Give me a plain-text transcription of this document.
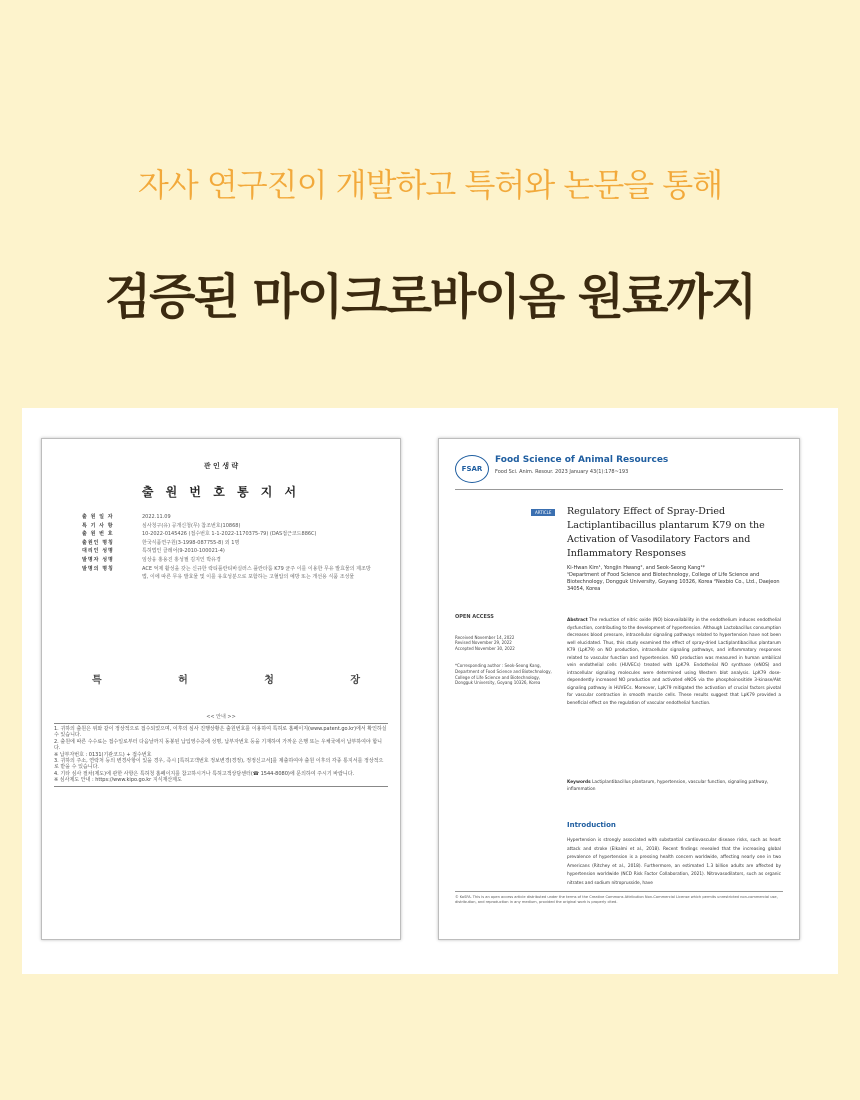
자사 연구진이 개발하고 특허와 논문을 통해
검증된 마이크로바이옴 원료까지
관 인 생 략
출 원 번 호 통 지 서
출 원 일 자	2022.11.09
특 기 사 항	심사청구(유) 공개신청(무) 참조번호(10868)
출 원 번 호	10-2022-0145426 (접수번호 1-1-2022-1170375-79) (DAS접근코드886C)
출원인 명칭	한국식품연구원(3-1998-087755-8) 외 1명
대리인 성명	특허법인 클레어(9-2010-100021-4)
발명자 성명	임상웅 홍용진 홍성필 김지인 박유경
발명의 명칭	ACE 억제 활성을 갖는 신규한 락티플란티바실러스 플란타룸 K79 균주 이를 이용한 무유 발효물의 제조방법, 이에 따른 무유 발효물 및 이를 유효성분으로 포함하는 고혈압의 예방 또는 개선용 식품 조성물
특	허	청	장
<< 안내 >>
1. 귀하의 출원은 위와 같이 정상적으로 접수되었으며, 이후의 심사 진행상황은 출원번호를 이용하여 특허로 홈페이지(www.patent.go.kr)에서 확인하실 수 있습니다.
2. 출원에 따른 수수료는 접수일로부터 다음날까지 동봉된 납입영수증에 성명, 납부자번호 등을 기재하여 가까운 은행 또는 우체국에서 납부하여야 합니다.
※ 납부자번호 : 0131(기관코드) + 접수번호
3. 귀하의 주소, 연락처 등의 변경사항이 있을 경우, 즉시 [특허고객번호 정보변경(경정), 정정신고서]를 제출하여야 출원 이후의 각종 통지서를 정상적으로 받을 수 있습니다.
4. 기타 심사 절차(제도)에 관한 사항은 특허청 홈페이지를 참고하시거나 특허고객상담센터(☎ 1544-8080)에 문의하여 주시기 바랍니다.
※ 심사제도 안내 : https://www.kipo.go.kr 지식재산제도
FSAR
Food Science of Animal Resources
Food Sci. Anim. Resour. 2023 January 43(1):178~193
ARTICLE	Regulatory Effect of Spray-Dried Lactiplantibacillus plantarum K79 on the Activation of Vasodilatory Factors and Inflammatory Responses
Ki-Hwan Kim¹, Yongjin Hwang², and Seok-Seong Kang¹*
¹Department of Food Science and Biotechnology, College of Life Science and Biotechnology, Dongguk University, Goyang 10326, Korea ²Nexbio Co., Ltd., Daejeon 34054, Korea
OPEN ACCESS
Received November 14, 2022
Revised November 29, 2022
Accepted November 30, 2022
*Corresponding author : Seok-Seong Kang, Department of Food Science and Biotechnology, College of Life Science and Biotechnology, Dongguk University, Goyang 10326, Korea
Abstract The reduction of nitric oxide (NO) bioavailability in the endothelium induces endothelial dysfunction, contributing to the development of hypertension. Although Lactobacillus consumption decreases blood pressure, intracellular signaling pathways related to hypertension have not been well elucidated. Thus, this study examined the effect of spray-dried Lactiplantibacillus plantarum K79 (LpK79) on NO production, intracellular signaling pathways, and inflammatory responses related to vascular function and hypertension. NO production was measured in human umbilical vein endothelial cells (HUVECs) treated with LpK79. Endothelial NO synthase (eNOS) and intracellular signaling molecules were determined using Western blot analysis. LpK79 dose-dependently increased NO production and activated eNOS via the phosphoinositide 3-kinase/Akt signaling pathway in HUVECs. Moreover, LpK79 mitigated the activation of crucial factors pivotal for vascular contraction in smooth muscle cells. These results suggest that LpK79 provided a beneficial effect on the regulation of vascular endothelial function.
Keywords Lactiplantibacillus plantarum, hypertension, vascular function, signaling pathway, inflammation
Introduction
Hypertension is strongly associated with substantial cardiovascular disease risks, such as heart attack and stroke (Elkalmi et al., 2018). Recent findings revealed that the increasing global prevalence of hypertension is a pressing health concern worldwide, affecting nearly one in two Americans (Ritchey et al., 2018). Furthermore, an estimated 1.3 billion adults are affected by hypertension worldwide (NCD Risk Factor Collaboration, 2021). Nitrovasodilators, such as organic nitrates and sodium nitroprusside, have
© KoSFA. This is an open access article distributed under the terms of the Creative Commons Attribution Non-Commercial License which permits unrestricted non-commercial use, distribution, and reproduction in any medium, provided the original work is properly cited.
